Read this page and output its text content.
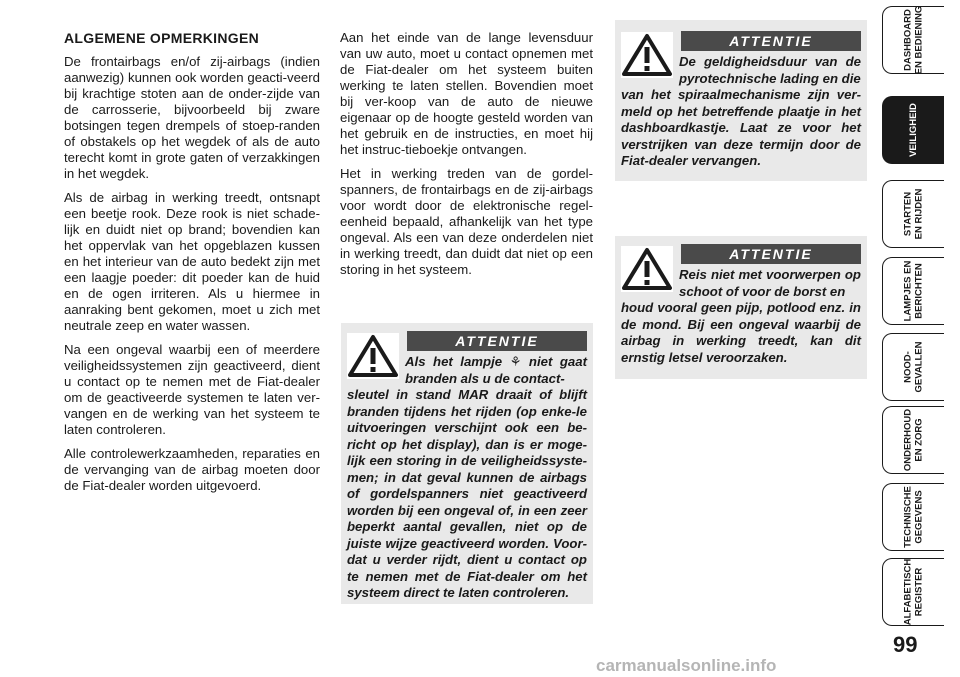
ALGEMENE OPMERKINGEN

De frontairbags en/of zij-airbags (indien aanwezig) kunnen ook worden geacti-veerd bij krachtige stoten aan de onder-zijde van de carrosserie, bijvoorbeeld bij zware botsingen tegen drempels of stoep-randen of obstakels op het wegdek of als de auto terecht komt in grote gaten of verzakkingen in het wegdek.

Als de airbag in werking treedt, ontsnapt een beetje rook. Deze rook is niet schade-lijk en duidt niet op brand; bovendien kan het oppervlak van het opgeblazen kussen en het interieur van de auto bedekt zijn met een laagje poeder: dit poeder kan de huid en de ogen irriteren. Als u hiermee in aanraking bent gekomen, moet u zich met neutrale zeep en water wassen.

Na een ongeval waarbij een of meerdere veiligheidssystemen zijn geactiveerd, dient u contact op te nemen met de Fiat-dealer om de geactiveerde systemen te laten ver-vangen en de werking van het systeem te laten controleren.

Alle controlewerkzaamheden, reparaties en de vervanging van de airbag moeten door de Fiat-dealer worden uitgevoerd.

Aan het einde van de lange levensduur van uw auto, moet u contact opnemen met de Fiat-dealer om het systeem buiten werking te laten stellen. Bovendien moet bij ver-koop van de auto de nieuwe eigenaar op de hoogte gesteld worden van het gebruik en de instructies, en moet hij het instruc-tieboekje ontvangen.

Het in werking treden van de gordel-spanners, de frontairbags en de zij-airbags voor wordt door de elektronische regel-eenheid bepaald, afhankelijk van het type ongeval. Als een van deze onderdelen niet in werking treedt, dan duidt dat niet op een storing in het systeem.

ATTENTIE
Als het lampje ⚘ niet gaat branden als u de contact-
sleutel in stand MAR draait of blijft branden tijdens het rijden (op enke-le uitvoeringen verschijnt ook een be-richt op het display), dan is er moge-lijk een storing in de veiligheidssyste-men; in dat geval kunnen de airbags of gordelspanners niet geactiveerd worden bij een ongeval of, in een zeer beperkt aantal gevallen, niet op de juiste wijze geactiveerd worden. Voor-dat u verder rijdt, dient u contact op te nemen met de Fiat-dealer om het systeem direct te laten controleren.
ATTENTIE
De geldigheidsduur van de pyrotechnische lading en die
van het spiraalmechanisme zijn ver-meld op het betreffende plaatje in het dashboardkastje. Laat ze voor het verstrijken van deze termijn door de Fiat-dealer vervangen.
ATTENTIE
Reis niet met voorwerpen op schoot of voor de borst en
houd vooral geen pijp, potlood enz. in de mond. Bij een ongeval waarbij de airbag in werking treedt, kan dit ernstig letsel veroorzaken.
DASHBOARD
EN BEDIENING
VEILIGHEID
STARTEN
EN RIJDEN
LAMPJES EN
BERICHTEN
NOOD-
GEVALLEN
ONDERHOUD
EN ZORG
TECHNISCHE
GEGEVENS
ALFABETISCH
REGISTER
99
carmanualsonline.info
